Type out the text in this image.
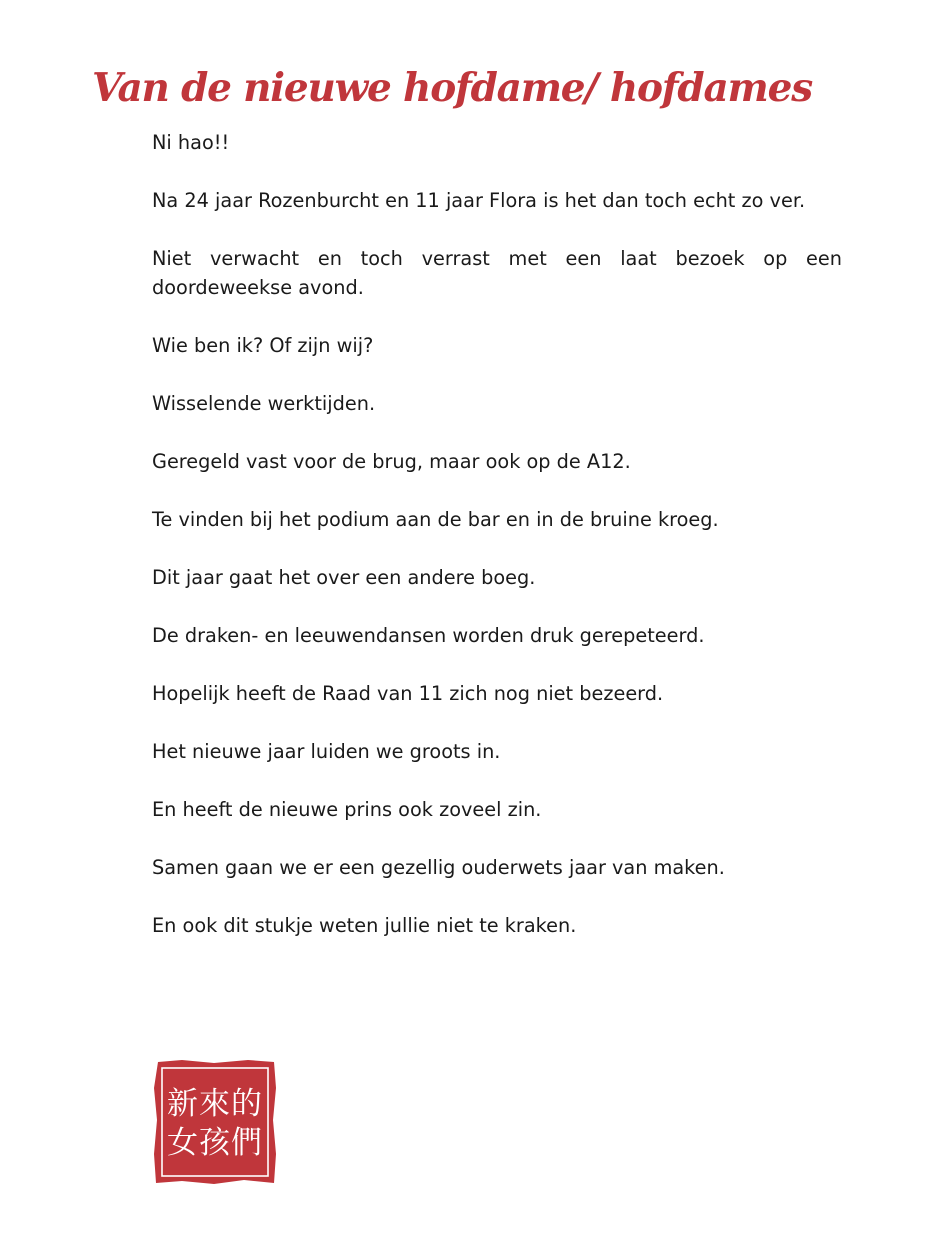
Van de nieuwe hofdame/ hofdames

Ni hao!!

Na 24 jaar Rozenburcht en 11 jaar Flora is het dan toch echt zo ver.

Niet verwacht en toch verrast met een laat bezoek op een doordeweekse avond.

Wie ben ik? Of zijn wij?

Wisselende werktijden.

Geregeld vast voor de brug, maar ook op de A12.

Te vinden bij het podium aan de bar en in de bruine kroeg.

Dit jaar gaat het over een andere boeg.

De draken- en leeuwendansen worden druk gerepeteerd.

Hopelijk heeft de Raad van 11 zich nog niet bezeerd.

Het nieuwe jaar luiden we groots in.

En heeft de nieuwe prins ook zoveel zin.

Samen gaan we er een gezellig ouderwets jaar van maken.

En ook dit stukje weten jullie niet te kraken.

新來的
女孩們
